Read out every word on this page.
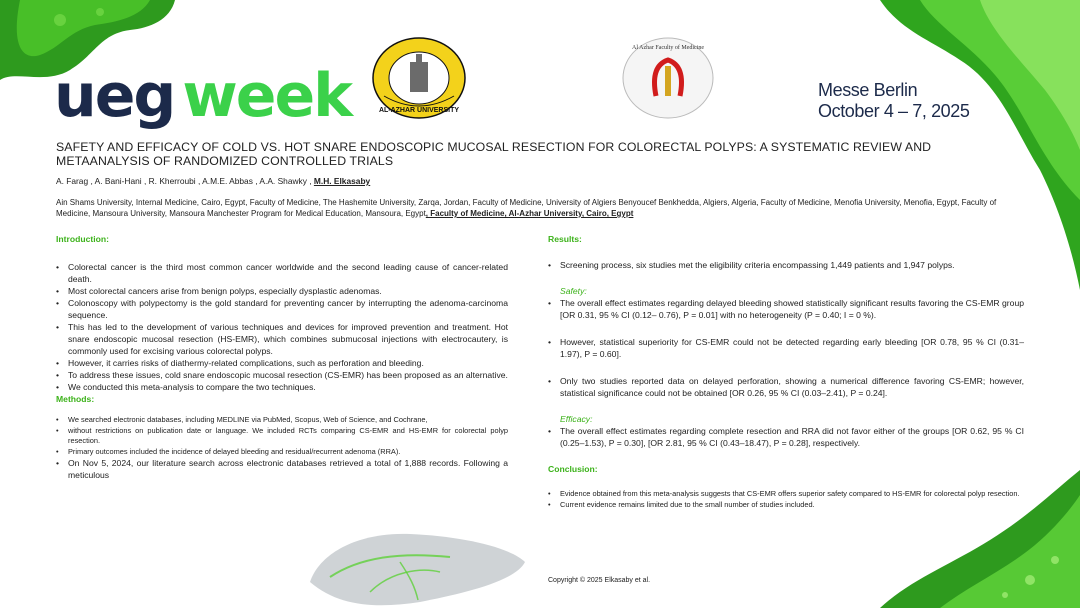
ueg week	AL-AZHAR UNIVERSITY
Al Azhar Faculty of Medicine
Messe Berlin
October 4 – 7, 2025
SAFETY AND EFFICACY OF COLD VS. HOT SNARE ENDOSCOPIC MUCOSAL RESECTION FOR COLORECTAL POLYPS: A SYSTEMATIC REVIEW AND METAANALYSIS OF RANDOMIZED CONTROLLED TRIALS
A. Farag , A. Bani-Hani , R. Kherroubi , A.M.E. Abbas , A.A. Shawky , M.H. Elkasaby
Ain Shams University, Internal Medicine, Cairo, Egypt, Faculty of Medicine, The Hashemite University, Zarqa, Jordan, Faculty of Medicine, University of Algiers Benyoucef Benkhedda, Algiers, Algeria, Faculty of Medicine, Menofia University, Menofia, Egypt, Faculty of Medicine, Mansoura University, Mansoura Manchester Program for Medical Education, Mansoura, Egypt, Faculty of Medicine, Al-Azhar University, Cairo, Egypt
Introduction:
• Colorectal cancer is the third most common cancer worldwide and the second leading cause of cancer-related death.
• Most colorectal cancers arise from benign polyps, especially dysplastic adenomas.
• Colonoscopy with polypectomy is the gold standard for preventing cancer by interrupting the adenoma-carcinoma sequence.
• This has led to the development of various techniques and devices for improved prevention and treatment. Hot snare endoscopic mucosal resection (HS-EMR), which combines submucosal injections with electrocautery, is commonly used for excising various colorectal polyps.
• However, it carries risks of diathermy-related complications, such as perforation and bleeding.
• To address these issues, cold snare endoscopic mucosal resection (CS-EMR) has been proposed as an alternative.
• We conducted this meta-analysis to compare the two techniques.
Methods:
• We searched electronic databases, including MEDLINE via PubMed, Scopus, Web of Science, and Cochrane,
• without restrictions on publication date or language. We included RCTs comparing CS-EMR and HS-EMR for colorectal polyp resection.
• Primary outcomes included the incidence of delayed bleeding and residual/recurrent adenoma (RRA).
• On Nov 5, 2024, our literature search across electronic databases retrieved a total of 1,888 records. Following a meticulous
Results:
• Screening process, six studies met the eligibility criteria encompassing 1,449 patients and 1,947 polyps.
Safety:
• The overall effect estimates regarding delayed bleeding showed statistically significant results favoring the CS-EMR group [OR 0.31, 95 % CI (0.12– 0.76), P = 0.01] with no heterogeneity (P = 0.40; I = 0 %).
• However, statistical superiority for CS-EMR could not be detected regarding early bleeding [OR 0.78, 95 % CI (0.31–1.97), P = 0.60].
• Only two studies reported data on delayed perforation, showing a numerical difference favoring CS-EMR; however, statistical significance could not be obtained [OR 0.26, 95 % CI (0.03–2.41), P = 0.24].
Efficacy:
• The overall effect estimates regarding complete resection and RRA did not favor either of the groups [OR 0.62, 95 % CI (0.25–1.53), P = 0.30], [OR 2.81, 95 % CI (0.43–18.47), P = 0.28], respectively.
Conclusion:
• Evidence obtained from this meta-analysis suggests that CS-EMR offers superior safety compared to HS-EMR for colorectal polyp resection.
• Current evidence remains limited due to the small number of studies included.
Copyright © 2025 Elkasaby et al.
